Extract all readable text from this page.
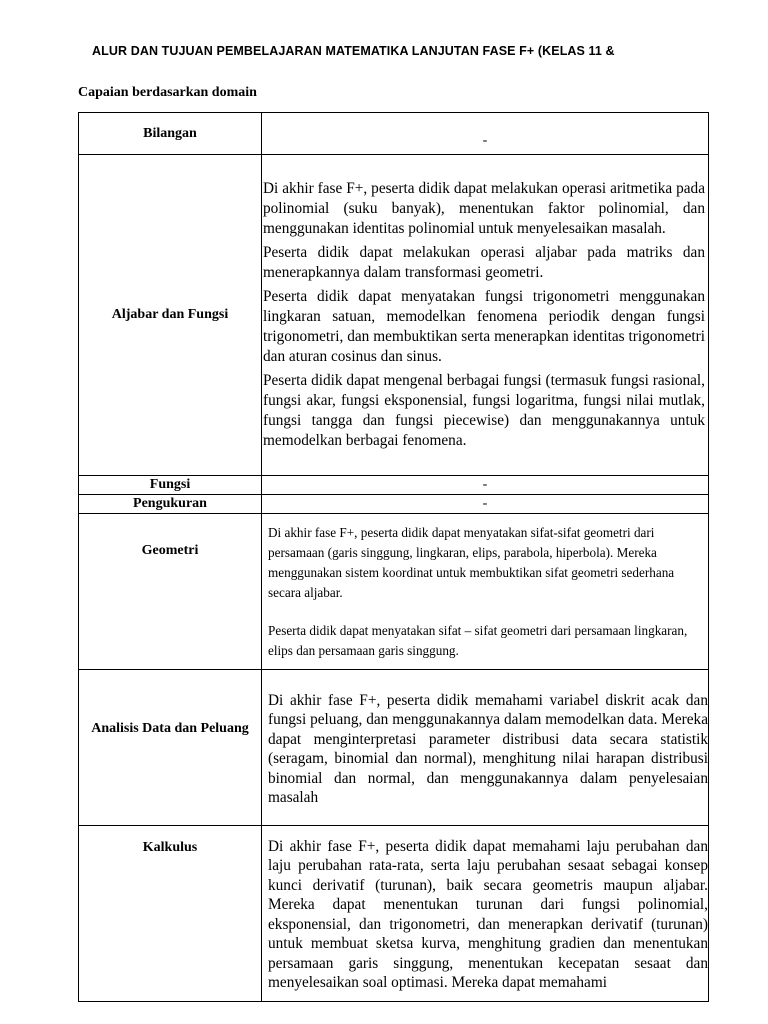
ALUR DAN TUJUAN PEMBELAJARAN MATEMATIKA LANJUTAN FASE F+ (KELAS 11 &
Capaian berdasarkan domain
Bilangan	-

Aljabar dan Fungsi	Di akhir fase F+, peserta didik dapat melakukan operasi aritmetika pada polinomial (suku banyak), menentukan faktor polinomial, dan menggunakan identitas polinomial untuk menyelesaikan masalah.

Peserta didik dapat melakukan operasi aljabar pada matriks dan menerapkannya dalam transformasi geometri.

Peserta didik dapat menyatakan fungsi trigonometri menggunakan lingkaran satuan, memodelkan fenomena periodik dengan fungsi trigonometri, dan membuktikan serta menerapkan identitas trigonometri dan aturan cosinus dan sinus.

Peserta didik dapat mengenal berbagai fungsi (termasuk fungsi rasional, fungsi akar, fungsi eksponensial, fungsi logaritma, fungsi nilai mutlak, fungsi tangga dan fungsi piecewise) dan menggunakannya untuk memodelkan berbagai fenomena.

Fungsi	-

Pengukuran	-

Geometri	Di akhir fase F+, peserta didik dapat menyatakan sifat-sifat geometri dari persamaan (garis singgung, lingkaran, elips, parabola, hiperbola). Mereka menggunakan sistem koordinat untuk membuktikan sifat geometri sederhana secara aljabar.

Peserta didik dapat menyatakan sifat – sifat geometri dari persamaan lingkaran, elips dan persamaan garis singgung.

Analisis Data dan Peluang	Di akhir fase F+, peserta didik memahami variabel diskrit acak dan fungsi peluang, dan menggunakannya dalam memodelkan data. Mereka dapat menginterpretasi parameter distribusi data secara statistik (seragam, binomial dan normal), menghitung nilai harapan distribusi binomial dan normal, dan menggunakannya dalam penyelesaian masalah

Kalkulus	Di akhir fase F+, peserta didik dapat memahami laju perubahan dan laju perubahan rata-rata, serta laju perubahan sesaat sebagai konsep kunci derivatif (turunan), baik secara geometris maupun aljabar. Mereka dapat menentukan turunan dari fungsi polinomial, eksponensial, dan trigonometri, dan menerapkan derivatif (turunan) untuk membuat sketsa kurva, menghitung gradien dan menentukan persamaan garis singgung, menentukan kecepatan sesaat dan menyelesaikan soal optimasi. Mereka dapat memahami
